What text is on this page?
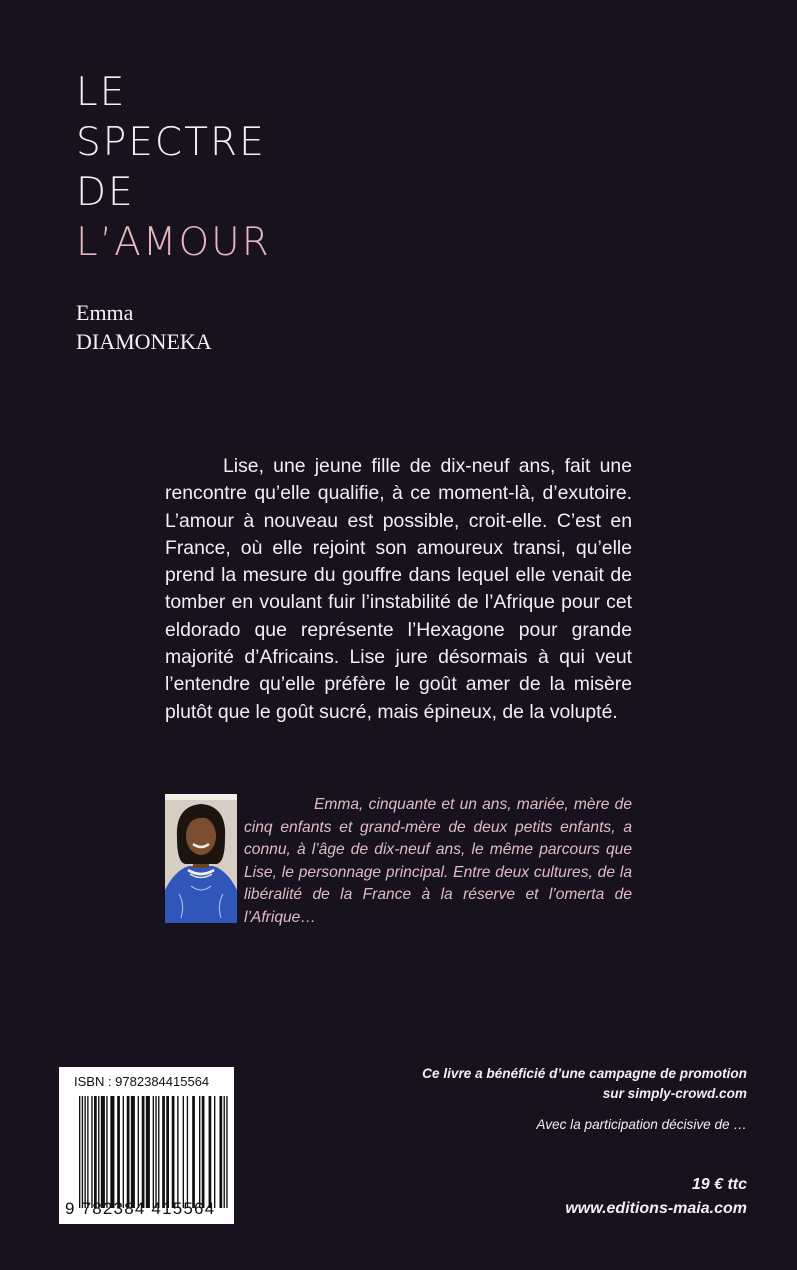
LE
SPECTRE
DE
L’AMOUR

Emma
DIAMONEKA

Lise, une jeune fille de dix-neuf ans, fait une rencontre qu’elle qualifie, à ce moment-là, d’exutoire. L’amour à nouveau est possible, croit-elle. C’est en France, où elle rejoint son amoureux transi, qu’elle prend la mesure du gouffre dans lequel elle venait de tomber en voulant fuir l’instabilité de l’Afrique pour cet eldorado que représente l’Hexagone pour grande majorité d’Africains. Lise jure désormais à qui veut l’entendre qu’elle préfère le goût amer de la misère plutôt que le goût sucré, mais épineux, de la volupté.

Emma, cinquante et un ans, mariée, mère de cinq enfants et grand-mère de deux petits enfants, a connu, à l’âge de dix-neuf ans, le même parcours que Lise, le personnage principal. Entre deux cultures, de la libéralité de la France à la réserve et l’omerta de l’Afrique…

ISBN : 9782384415564
9 782384 415564
Ce livre a bénéficié d’une campagne de promotion
sur simply-crowd.com
Avec la participation décisive de …
19 € ttc
www.editions-maia.com
